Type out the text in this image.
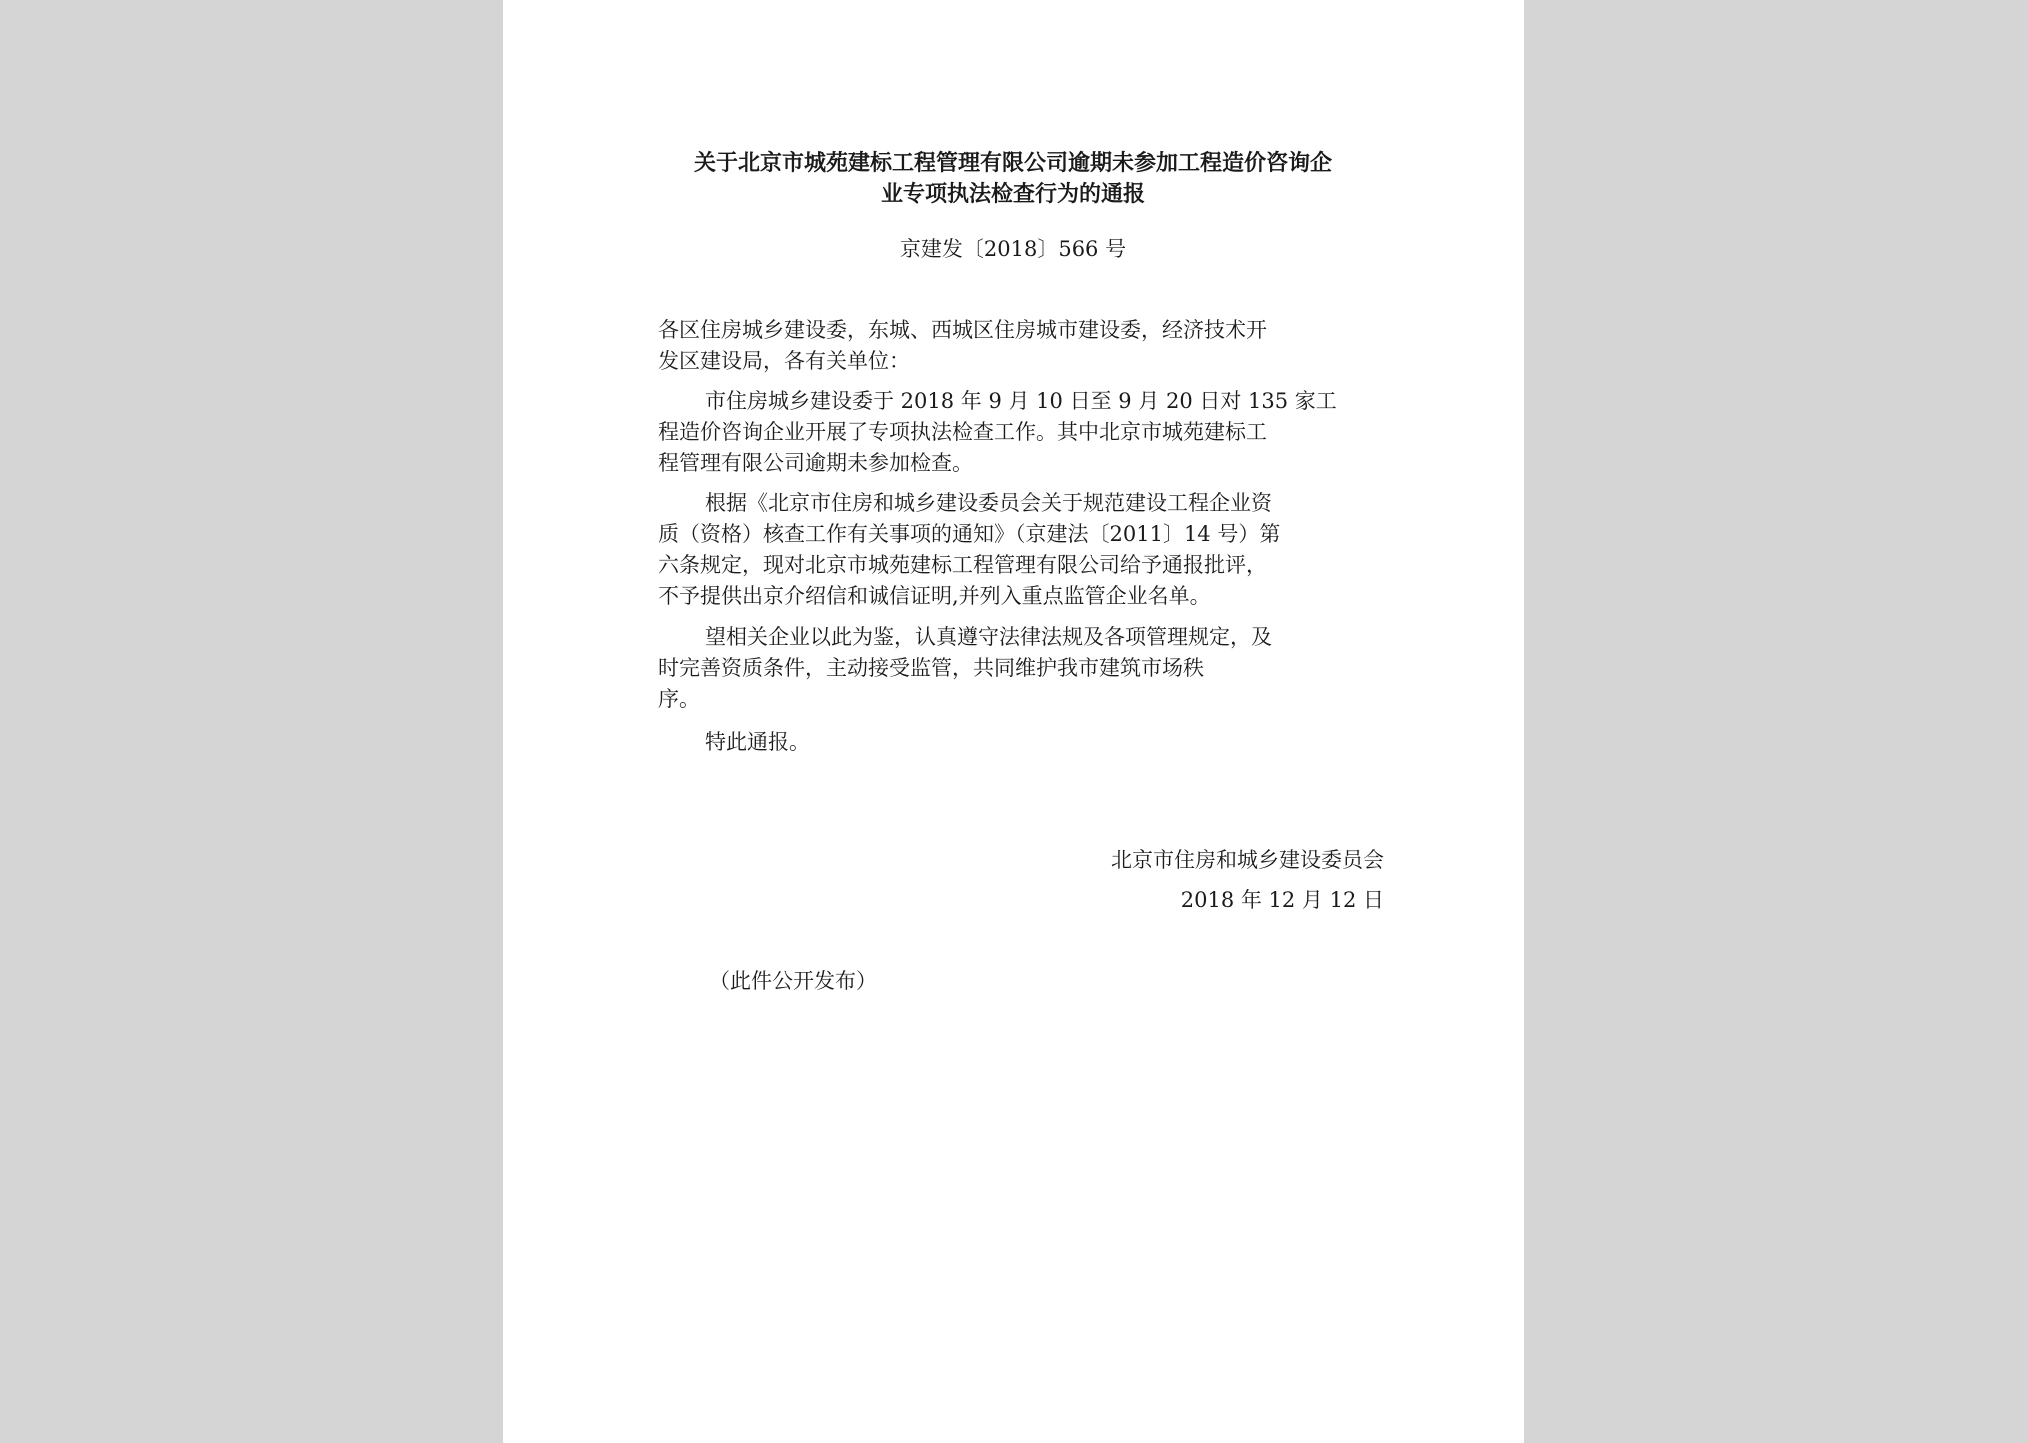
关于北京市城苑建标工程管理有限公司逾期未参加工程造价咨询企
业专项执法检查行为的通报
京建发〔2018〕566 号
各区住房城乡建设委，东城、西城区住房城市建设委，经济技术开
发区建设局，各有关单位：
市住房城乡建设委于 2018 年 9 月 10 日至 9 月 20 日对 135 家工
程造价咨询企业开展了专项执法检查工作。其中北京市城苑建标工
程管理有限公司逾期未参加检查。
根据《北京市住房和城乡建设委员会关于规范建设工程企业资
质（资格）核查工作有关事项的通知》（京建法〔2011〕14 号）第
六条规定，现对北京市城苑建标工程管理有限公司给予通报批评，
不予提供出京介绍信和诚信证明,并列入重点监管企业名单。
望相关企业以此为鉴，认真遵守法律法规及各项管理规定，及
时完善资质条件，主动接受监管，共同维护我市建筑市场秩
序。
特此通报。
北京市住房和城乡建设委员会
2018 年 12 月 12 日
（此件公开发布）
